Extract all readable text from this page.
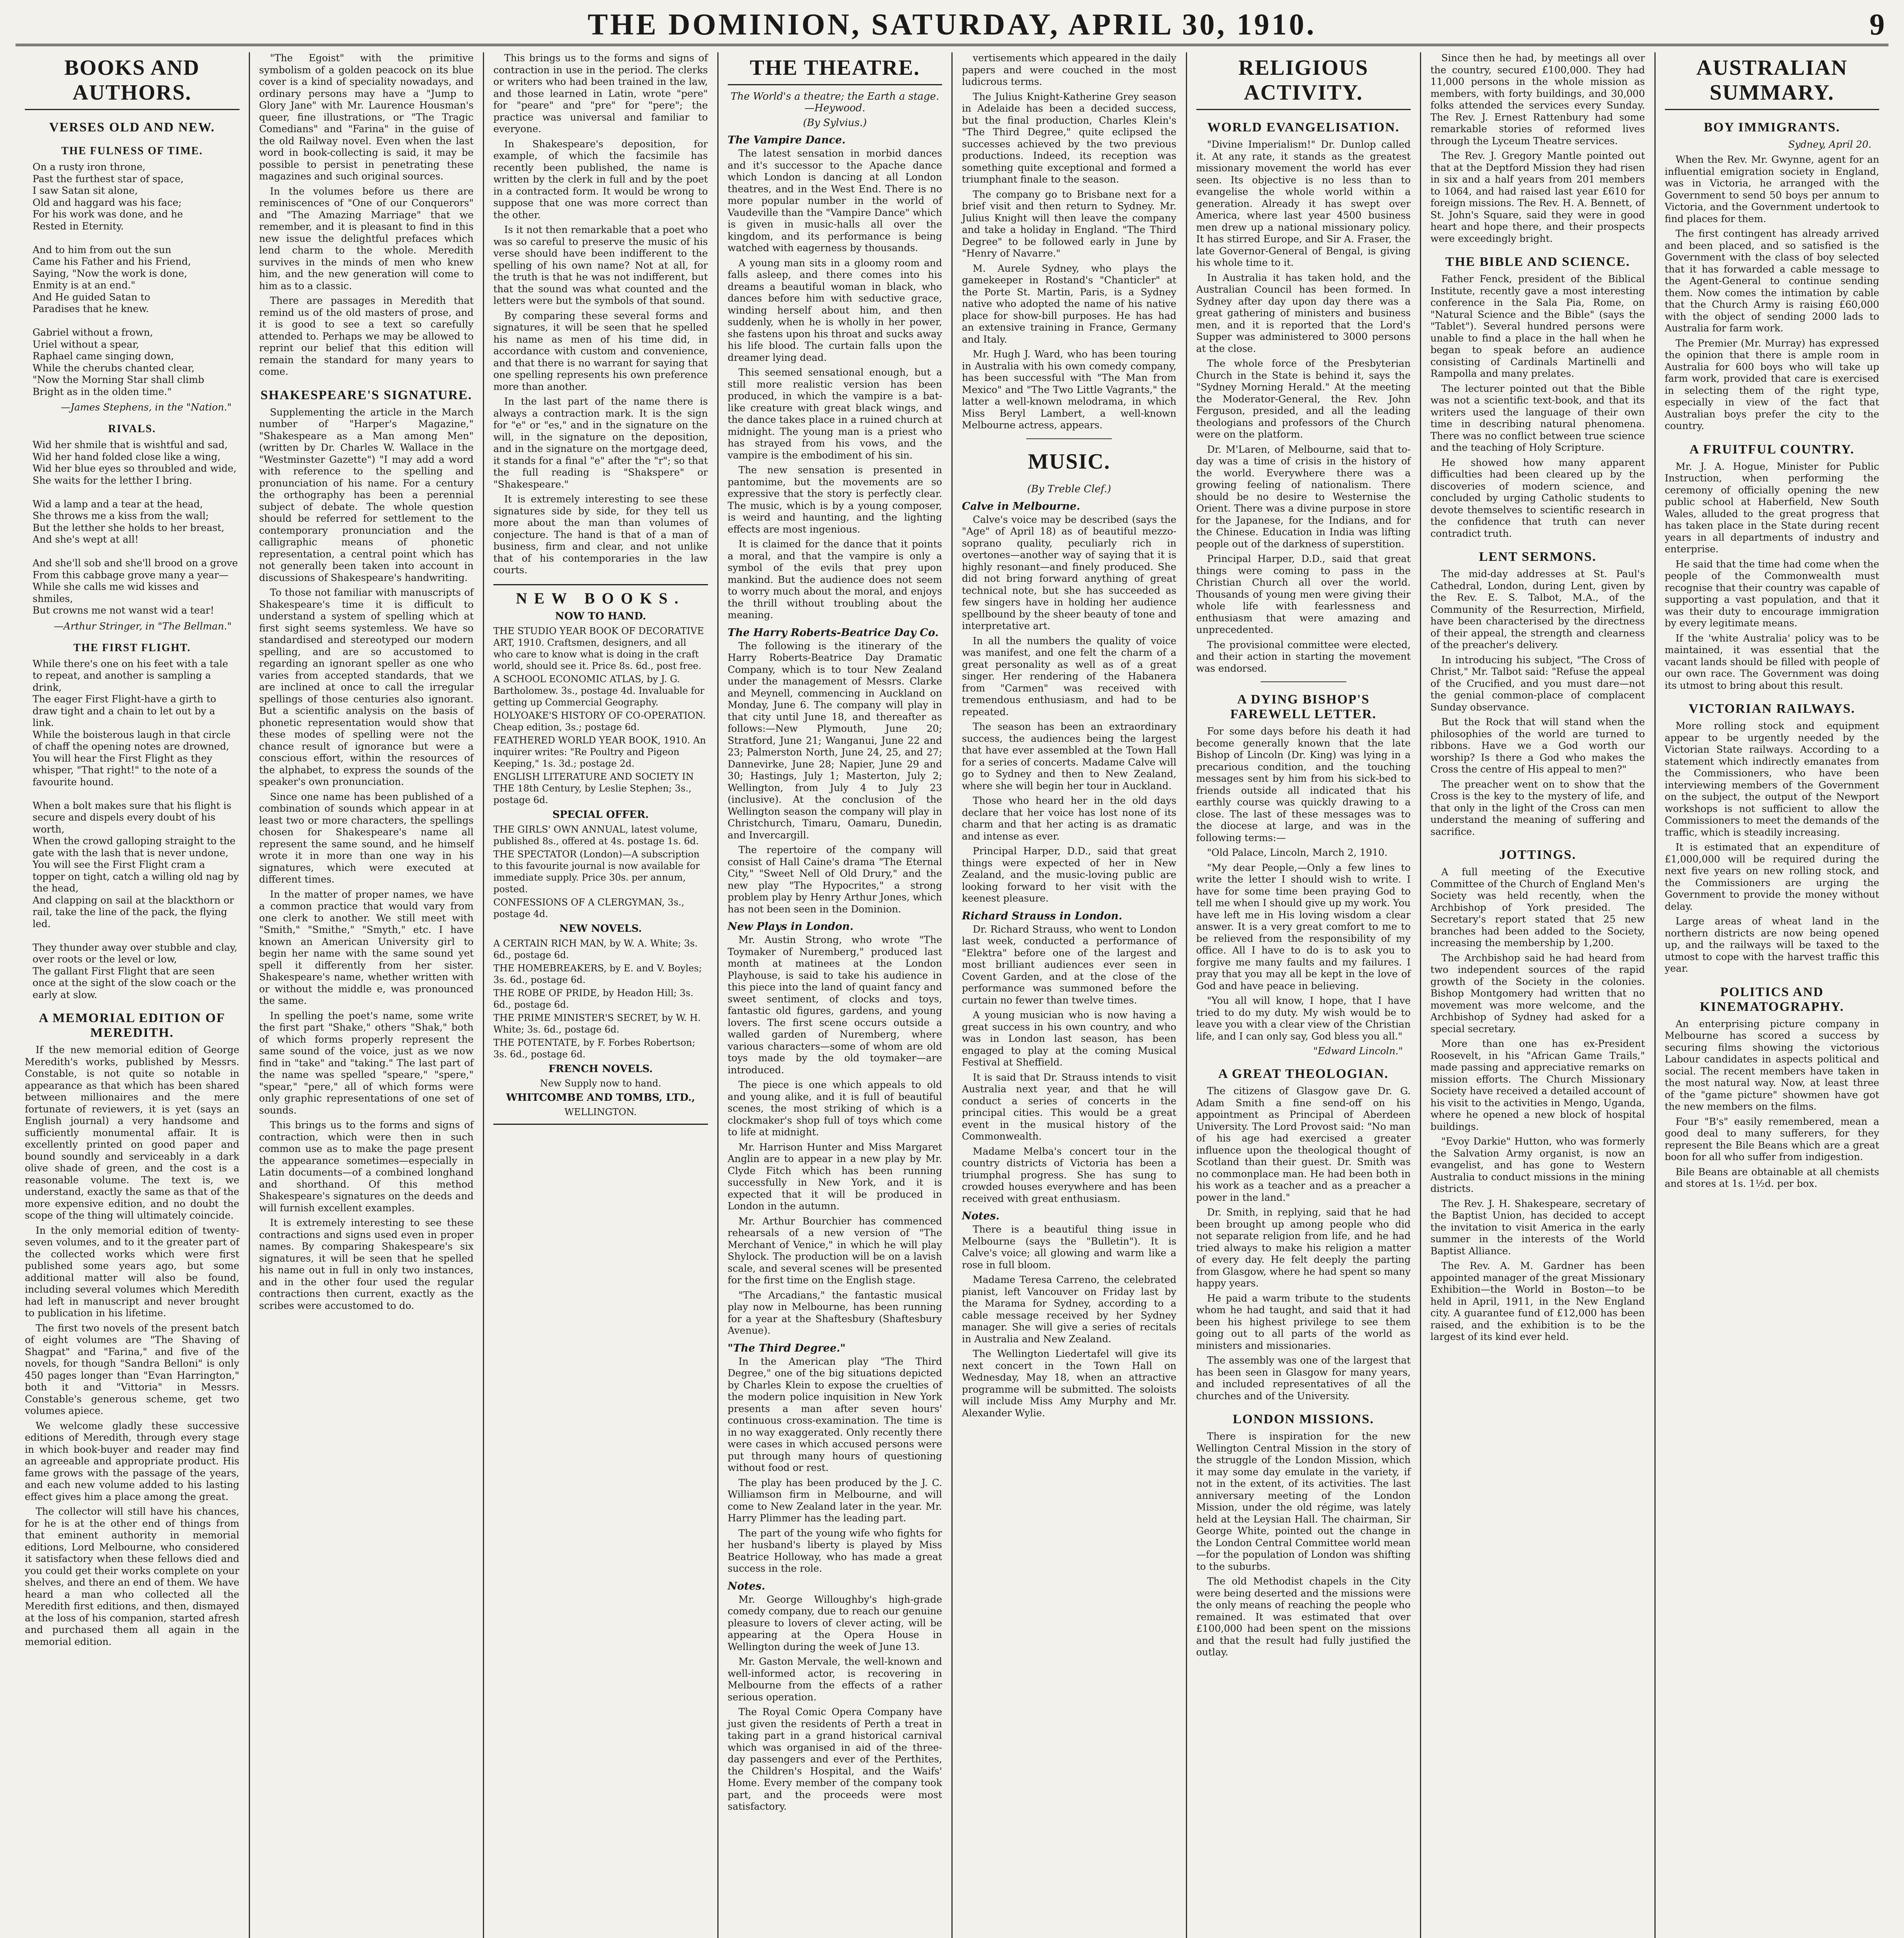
THE DOMINION, SATURDAY, APRIL 30, 1910.	9
BOOKS AND AUTHORS.
VERSES OLD AND NEW.
THE FULNESS OF TIME.
On a rusty iron throne,
Past the furthest star of space,
I saw Satan sit alone,
Old and haggard was his face;
For his work was done, and he
Rested in Eternity.

And to him from out the sun
Came his Father and his Friend,
Saying, "Now the work is done,
Enmity is at an end."
And He guided Satan to
Paradises that he knew.

Gabriel without a frown,
Uriel without a spear,
Raphael came singing down,
While the cherubs chanted clear,
"Now the Morning Star shall climb
Bright as in the olden time."
—James Stephens, in the "Nation."
RIVALS.
Wid her shmile that is wishtful and sad,
Wid her hand folded close like a wing,
Wid her blue eyes so throubled and wide,
She waits for the letther I bring.

Wid a lamp and a tear at the head,
She throws me a kiss from the wall;
But the letther she holds to her breast,
And she's wept at all!

And she'll sob and she'll brood on a grove
From this cabbage grove many a year—
While she calls me wid kisses and shmiles,
But crowns me not wanst wid a tear!
—Arthur Stringer, in "The Bellman."
THE FIRST FLIGHT.
While there's one on his feet with a tale to repeat, and another is sampling a drink,
The eager First Flight-have a girth to draw tight and a chain to let out by a link.
While the boisterous laugh in that circle of chaff the opening notes are drowned,
You will hear the First Flight as they whisper, "That right!" to the note of a favourite hound.

When a bolt makes sure that his flight is secure and dispels every doubt of his worth,
When the crowd galloping straight to the gate with the lash that is never undone,
You will see the First Flight cram a topper on tight, catch a willing old nag by the head,
And clapping on sail at the blackthorn or rail, take the line of the pack, the flying led.

They thunder away over stubble and clay, over roots or the level or low,
The gallant First Flight that are seen once at the sight of the slow coach or the early at slow.
A MEMORIAL EDITION OF MEREDITH.

If the new memorial edition of George Meredith's works, published by Messrs. Constable, is not quite so notable in appearance as that which has been shared between millionaires and the mere fortunate of reviewers, it is yet (says an English journal) a very handsome and sufficiently monumental affair. It is excellently printed on good paper and bound soundly and serviceably in a dark olive shade of green, and the cost is a reasonable volume. The text is, we understand, exactly the same as that of the more expensive edition, and no doubt the scope of the thing will ultimately coincide.

In the only memorial edition of twenty-seven volumes, and to it the greater part of the collected works which were first published some years ago, but some additional matter will also be found, including several volumes which Meredith had left in manuscript and never brought to publication in his lifetime.

The first two novels of the present batch of eight volumes are "The Shaving of Shagpat" and "Farina," and five of the novels, for though "Sandra Belloni" is only 450 pages longer than "Evan Harrington," both it and "Vittoria" in Messrs. Constable's generous scheme, get two volumes apiece.

We welcome gladly these successive editions of Meredith, through every stage in which book-buyer and reader may find an agreeable and appropriate product. His fame grows with the passage of the years, and each new volume added to his lasting effect gives him a place among the great.

The collector will still have his chances, for he is at the other end of things from that eminent authority in memorial editions, Lord Melbourne, who considered it satisfactory when these fellows died and you could get their works complete on your shelves, and there an end of them. We have heard a man who collected all the Meredith first editions, and then, dismayed at the loss of his companion, started afresh and purchased them all again in the memorial edition.

"The Egoist" with the primitive symbolism of a golden peacock on its blue cover is a kind of speciality nowadays, and ordinary persons may have a "Jump to Glory Jane" with Mr. Laurence Housman's queer, fine illustrations, or "The Tragic Comedians" and "Farina" in the guise of the old Railway novel. Even when the last word in book-collecting is said, it may be possible to persist in penetrating these magazines and such original sources.

In the volumes before us there are reminiscences of "One of our Conquerors" and "The Amazing Marriage" that we remember, and it is pleasant to find in this new issue the delightful prefaces which lend charm to the whole. Meredith survives in the minds of men who knew him, and the new generation will come to him as to a classic.

There are passages in Meredith that remind us of the old masters of prose, and it is good to see a text so carefully attended to. Perhaps we may be allowed to reprint our belief that this edition will remain the standard for many years to come.

SHAKESPEARE'S SIGNATURE.

Supplementing the article in the March number of "Harper's Magazine," "Shakespeare as a Man among Men" (written by Dr. Charles W. Wallace in the "Westminster Gazette") "I may add a word with reference to the spelling and pronunciation of his name. For a century the orthography has been a perennial subject of debate. The whole question should be referred for settlement to the contemporary pronunciation and the calligraphic means of phonetic representation, a central point which has not generally been taken into account in discussions of Shakespeare's handwriting.

To those not familiar with manuscripts of Shakespeare's time it is difficult to understand a system of spelling which at first sight seems systemless. We have so standardised and stereotyped our modern spelling, and are so accustomed to regarding an ignorant speller as one who varies from accepted standards, that we are inclined at once to call the irregular spellings of those centuries also ignorant. But a scientific analysis on the basis of phonetic representation would show that these modes of spelling were not the chance result of ignorance but were a conscious effort, within the resources of the alphabet, to express the sounds of the speaker's own pronunciation.

Since one name has been published of a combination of sounds which appear in at least two or more characters, the spellings chosen for Shakespeare's name all represent the same sound, and he himself wrote it in more than one way in his signatures, which were executed at different times.

In the matter of proper names, we have a common practice that would vary from one clerk to another. We still meet with "Smith," "Smithe," "Smyth," etc. I have known an American University girl to begin her name with the same sound yet spell it differently from her sister. Shakespeare's name, whether written with or without the middle e, was pronounced the same.

In spelling the poet's name, some write the first part "Shake," others "Shak," both of which forms properly represent the same sound of the voice, just as we now find in "take" and "taking." The last part of the name was spelled "speare," "spere," "spear," "pere," all of which forms were only graphic representations of one set of sounds.

This brings us to the forms and signs of contraction, which were then in such common use as to make the page present the appearance sometimes—especially in Latin documents—of a combined longhand and shorthand. Of this method Shakespeare's signatures on the deeds and will furnish excellent examples.

It is extremely interesting to see these contractions and signs used even in proper names. By comparing Shakespeare's six signatures, it will be seen that he spelled his name out in full in only two instances, and in the other four used the regular contractions then current, exactly as the scribes were accustomed to do.

This brings us to the forms and signs of contraction in use in the period. The clerks or writers who had been trained in the law, and those learned in Latin, wrote "pere" for "peare" and "pre" for "pere"; the practice was universal and familiar to everyone.

In Shakespeare's deposition, for example, of which the facsimile has recently been published, the name is written by the clerk in full and by the poet in a contracted form. It would be wrong to suppose that one was more correct than the other.

Is it not then remarkable that a poet who was so careful to preserve the music of his verse should have been indifferent to the spelling of his own name? Not at all, for the truth is that he was not indifferent, but that the sound was what counted and the letters were but the symbols of that sound.

By comparing these several forms and signatures, it will be seen that he spelled his name as men of his time did, in accordance with custom and convenience, and that there is no warrant for saying that one spelling represents his own preference more than another.

In the last part of the name there is always a contraction mark. It is the sign for "e" or "es," and in the signature on the will, in the signature on the deposition, and in the signature on the mortgage deed, it stands for a final "e" after the "r"; so that the full reading is "Shakspere" or "Shakespeare."

It is extremely interesting to see these signatures side by side, for they tell us more about the man than volumes of conjecture. The hand is that of a man of business, firm and clear, and not unlike that of his contemporaries in the law courts.

NEW BOOKS.
NOW TO HAND.
THE STUDIO YEAR BOOK OF DECORATIVE ART, 1910. Craftsmen, designers, and all who care to know what is doing in the craft world, should see it. Price 8s. 6d., post free.
A SCHOOL ECONOMIC ATLAS, by J. G. Bartholomew. 3s., postage 4d. Invaluable for getting up Commercial Geography.
HOLYOAKE'S HISTORY OF CO-OPERATION. Cheap edition, 3s.; postage 6d.
FEATHERED WORLD YEAR BOOK, 1910. An inquirer writes: "Re Poultry and Pigeon Keeping," 1s. 3d.; postage 2d.
ENGLISH LITERATURE AND SOCIETY IN THE 18th Century, by Leslie Stephen; 3s., postage 6d.
SPECIAL OFFER.
THE GIRLS' OWN ANNUAL, latest volume, published 8s., offered at 4s. postage 1s. 6d.
THE SPECTATOR (London)—A subscription to this favourite journal is now available for immediate supply. Price 30s. per annum, posted.
CONFESSIONS OF A CLERGYMAN, 3s., postage 4d.
NEW NOVELS.
A CERTAIN RICH MAN, by W. A. White; 3s. 6d., postage 6d.
THE HOMEBREAKERS, by E. and V. Boyles; 3s. 6d., postage 6d.
THE ROBE OF PRIDE, by Headon Hill; 3s. 6d., postage 6d.
THE PRIME MINISTER'S SECRET, by W. H. White; 3s. 6d., postage 6d.
THE POTENTATE, by F. Forbes Robertson; 3s. 6d., postage 6d.
FRENCH NOVELS.
New Supply now to hand.
WHITCOMBE AND TOMBS, LTD.,
WELLINGTON.
THE THEATRE.
The World's a theatre; the Earth a stage.—Heywood.
(By Sylvius.)
The Vampire Dance.

The latest sensation in morbid dances and it's successor to the Apache dance which London is dancing at all London theatres, and in the West End. There is no more popular number in the world of Vaudeville than the "Vampire Dance" which is given in music-halls all over the kingdom, and its performance is being watched with eagerness by thousands.

A young man sits in a gloomy room and falls asleep, and there comes into his dreams a beautiful woman in black, who dances before him with seductive grace, winding herself about him, and then suddenly, when he is wholly in her power, she fastens upon his throat and sucks away his life blood. The curtain falls upon the dreamer lying dead.

This seemed sensational enough, but a still more realistic version has been produced, in which the vampire is a bat-like creature with great black wings, and the dance takes place in a ruined church at midnight. The young man is a priest who has strayed from his vows, and the vampire is the embodiment of his sin.

The new sensation is presented in pantomime, but the movements are so expressive that the story is perfectly clear. The music, which is by a young composer, is weird and haunting, and the lighting effects are most ingenious.

It is claimed for the dance that it points a moral, and that the vampire is only a symbol of the evils that prey upon mankind. But the audience does not seem to worry much about the moral, and enjoys the thrill without troubling about the meaning.

The Harry Roberts-Beatrice Day Co.

The following is the itinerary of the Harry Roberts-Beatrice Day Dramatic Company, which is to tour New Zealand under the management of Messrs. Clarke and Meynell, commencing in Auckland on Monday, June 6. The company will play in that city until June 18, and thereafter as follows:—New Plymouth, June 20; Stratford, June 21; Wanganui, June 22 and 23; Palmerston North, June 24, 25, and 27; Dannevirke, June 28; Napier, June 29 and 30; Hastings, July 1; Masterton, July 2; Wellington, from July 4 to July 23 (inclusive). At the conclusion of the Wellington season the company will play in Christchurch, Timaru, Oamaru, Dunedin, and Invercargill.

The repertoire of the company will consist of Hall Caine's drama "The Eternal City," "Sweet Nell of Old Drury," and the new play "The Hypocrites," a strong problem play by Henry Arthur Jones, which has not been seen in the Dominion.

New Plays in London.

Mr. Austin Strong, who wrote "The Toymaker of Nuremberg," produced last month at matinees at the London Playhouse, is said to take his audience in this piece into the land of quaint fancy and sweet sentiment, of clocks and toys, fantastic old figures, gardens, and young lovers. The first scene occurs outside a walled garden of Nuremberg, where various characters—some of whom are old toys made by the old toymaker—are introduced.

The piece is one which appeals to old and young alike, and it is full of beautiful scenes, the most striking of which is a clockmaker's shop full of toys which come to life at midnight.

Mr. Harrison Hunter and Miss Margaret Anglin are to appear in a new play by Mr. Clyde Fitch which has been running successfully in New York, and it is expected that it will be produced in London in the autumn.

Mr. Arthur Bourchier has commenced rehearsals of a new version of "The Merchant of Venice," in which he will play Shylock. The production will be on a lavish scale, and several scenes will be presented for the first time on the English stage.

"The Arcadians," the fantastic musical play now in Melbourne, has been running for a year at the Shaftesbury (Shaftesbury Avenue).

"The Third Degree."

In the American play "The Third Degree," one of the big situations depicted by Charles Klein to expose the cruelties of the modern police inquisition in New York presents a man after seven hours' continuous cross-examination. The time is in no way exaggerated. Only recently there were cases in which accused persons were put through many hours of questioning without food or rest.

The play has been produced by the J. C. Williamson firm in Melbourne, and will come to New Zealand later in the year. Mr. Harry Plimmer has the leading part.

The part of the young wife who fights for her husband's liberty is played by Miss Beatrice Holloway, who has made a great success in the role.

Notes.

Mr. George Willoughby's high-grade comedy company, due to reach our genuine pleasure to lovers of clever acting, will be appearing at the Opera House in Wellington during the week of June 13.

Mr. Gaston Mervale, the well-known and well-informed actor, is recovering in Melbourne from the effects of a rather serious operation.

The Royal Comic Opera Company have just given the residents of Perth a treat in taking part in a grand historical carnival which was organised in aid of the three-day passengers and ever of the Perthites, the Children's Hospital, and the Waifs' Home. Every member of the company took part, and the proceeds were most satisfactory.

vertisements which appeared in the daily papers and were couched in the most ludicrous terms.

The Julius Knight-Katherine Grey season in Adelaide has been a decided success, but the final production, Charles Klein's "The Third Degree," quite eclipsed the successes achieved by the two previous productions. Indeed, its reception was something quite exceptional and formed a triumphant finale to the season.

The company go to Brisbane next for a brief visit and then return to Sydney. Mr. Julius Knight will then leave the company and take a holiday in England. "The Third Degree" to be followed early in June by "Henry of Navarre."

M. Aurele Sydney, who plays the gamekeeper in Rostand's "Chanticler" at the Porte St. Martin, Paris, is a Sydney native who adopted the name of his native place for show-bill purposes. He has had an extensive training in France, Germany and Italy.

Mr. Hugh J. Ward, who has been touring in Australia with his own comedy company, has been successful with "The Man from Mexico" and "The Two Little Vagrants," the latter a well-known melodrama, in which Miss Beryl Lambert, a well-known Melbourne actress, appears.

MUSIC.
(By Treble Clef.)
Calve in Melbourne.

Calve's voice may be described (says the "Age" of April 18) as of beautiful mezzo-soprano quality, peculiarly rich in overtones—another way of saying that it is highly resonant—and finely produced. She did not bring forward anything of great technical note, but she has succeeded as few singers have in holding her audience spellbound by the sheer beauty of tone and interpretative art.

In all the numbers the quality of voice was manifest, and one felt the charm of a great personality as well as of a great singer. Her rendering of the Habanera from "Carmen" was received with tremendous enthusiasm, and had to be repeated.

The season has been an extraordinary success, the audiences being the largest that have ever assembled at the Town Hall for a series of concerts. Madame Calve will go to Sydney and then to New Zealand, where she will begin her tour in Auckland.

Those who heard her in the old days declare that her voice has lost none of its charm and that her acting is as dramatic and intense as ever.

Principal Harper, D.D., said that great things were expected of her in New Zealand, and the music-loving public are looking forward to her visit with the keenest pleasure.

Richard Strauss in London.

Dr. Richard Strauss, who went to London last week, conducted a performance of "Elektra" before one of the largest and most brilliant audiences ever seen in Covent Garden, and at the close of the performance was summoned before the curtain no fewer than twelve times.

A young musician who is now having a great success in his own country, and who was in London last season, has been engaged to play at the coming Musical Festival at Sheffield.

It is said that Dr. Strauss intends to visit Australia next year, and that he will conduct a series of concerts in the principal cities. This would be a great event in the musical history of the Commonwealth.

Madame Melba's concert tour in the country districts of Victoria has been a triumphal progress. She has sung to crowded houses everywhere and has been received with great enthusiasm.

Notes.

There is a beautiful thing issue in Melbourne (says the "Bulletin"). It is Calve's voice; all glowing and warm like a rose in full bloom.

Madame Teresa Carreno, the celebrated pianist, left Vancouver on Friday last by the Marama for Sydney, according to a cable message received by her Sydney manager. She will give a series of recitals in Australia and New Zealand.

The Wellington Liedertafel will give its next concert in the Town Hall on Wednesday, May 18, when an attractive programme will be submitted. The soloists will include Miss Amy Murphy and Mr. Alexander Wylie.

RELIGIOUS ACTIVITY.
WORLD EVANGELISATION.

"Divine Imperialism!" Dr. Dunlop called it. At any rate, it stands as the greatest missionary movement the world has ever seen. Its objective is no less than to evangelise the whole world within a generation. Already it has swept over America, where last year 4500 business men drew up a national missionary policy. It has stirred Europe, and Sir A. Fraser, the late Governor-General of Bengal, is giving his whole time to it.

In Australia it has taken hold, and the Australian Council has been formed. In Sydney after day upon day there was a great gathering of ministers and business men, and it is reported that the Lord's Supper was administered to 3000 persons at the close.

The whole force of the Presbyterian Church in the State is behind it, says the "Sydney Morning Herald." At the meeting the Moderator-General, the Rev. John Ferguson, presided, and all the leading theologians and professors of the Church were on the platform.

Dr. M'Laren, of Melbourne, said that to-day was a time of crisis in the history of the world. Everywhere there was a growing feeling of nationalism. There should be no desire to Westernise the Orient. There was a divine purpose in store for the Japanese, for the Indians, and for the Chinese. Education in India was lifting people out of the darkness of superstition.

Principal Harper, D.D., said that great things were coming to pass in the Christian Church all over the world. Thousands of young men were giving their whole life with fearlessness and enthusiasm that were amazing and unprecedented.

The provisional committee were elected, and their action in starting the movement was endorsed.

A DYING BISHOP'S FAREWELL LETTER.

For some days before his death it had become generally known that the late Bishop of Lincoln (Dr. King) was lying in a precarious condition, and the touching messages sent by him from his sick-bed to friends outside all indicated that his earthly course was quickly drawing to a close. The last of these messages was to the diocese at large, and was in the following terms:—

"Old Palace, Lincoln, March 2, 1910.

"My dear People,—Only a few lines to write the letter I should wish to write. I have for some time been praying God to tell me when I should give up my work. You have left me in His loving wisdom a clear answer. It is a very great comfort to me to be relieved from the responsibility of my office. All I have to do is to ask you to forgive me many faults and my failures. I pray that you may all be kept in the love of God and have peace in believing.

"You all will know, I hope, that I have tried to do my duty. My wish would be to leave you with a clear view of the Christian life, and I can only say, God bless you all."

"Edward Lincoln."
A GREAT THEOLOGIAN.

The citizens of Glasgow gave Dr. G. Adam Smith a fine send-off on his appointment as Principal of Aberdeen University. The Lord Provost said: "No man of his age had exercised a greater influence upon the theological thought of Scotland than their guest. Dr. Smith was no commonplace man. He had been both in his work as a teacher and as a preacher a power in the land."

Dr. Smith, in replying, said that he had been brought up among people who did not separate religion from life, and he had tried always to make his religion a matter of every day. He felt deeply the parting from Glasgow, where he had spent so many happy years.

He paid a warm tribute to the students whom he had taught, and said that it had been his highest privilege to see them going out to all parts of the world as ministers and missionaries.

The assembly was one of the largest that has been seen in Glasgow for many years, and included representatives of all the churches and of the University.

LONDON MISSIONS.

There is inspiration for the new Wellington Central Mission in the story of the struggle of the London Mission, which it may some day emulate in the variety, if not in the extent, of its activities. The last anniversary meeting of the London Mission, under the old régime, was lately held at the Leysian Hall. The chairman, Sir George White, pointed out the change in the London Central Committee world mean—for the population of London was shifting to the suburbs.

The old Methodist chapels in the City were being deserted and the missions were the only means of reaching the people who remained. It was estimated that over £100,000 had been spent on the missions and that the result had fully justified the outlay.

Since then he had, by meetings all over the country, secured £100,000. They had 11,000 persons in the whole mission as members, with forty buildings, and 30,000 folks attended the services every Sunday. The Rev. J. Ernest Rattenbury had some remarkable stories of reformed lives through the Lyceum Theatre services.

The Rev. J. Gregory Mantle pointed out that at the Deptford Mission they had risen in six and a half years from 201 members to 1064, and had raised last year £610 for foreign missions. The Rev. H. A. Bennett, of St. John's Square, said they were in good heart and hope there, and their prospects were exceedingly bright.

THE BIBLE AND SCIENCE.

Father Fenck, president of the Biblical Institute, recently gave a most interesting conference in the Sala Pia, Rome, on "Natural Science and the Bible" (says the "Tablet"). Several hundred persons were unable to find a place in the hall when he began to speak before an audience consisting of Cardinals Martinelli and Rampolla and many prelates.

The lecturer pointed out that the Bible was not a scientific text-book, and that its writers used the language of their own time in describing natural phenomena. There was no conflict between true science and the teaching of Holy Scripture.

He showed how many apparent difficulties had been cleared up by the discoveries of modern science, and concluded by urging Catholic students to devote themselves to scientific research in the confidence that truth can never contradict truth.

LENT SERMONS.

The mid-day addresses at St. Paul's Cathedral, London, during Lent, given by the Rev. E. S. Talbot, M.A., of the Community of the Resurrection, Mirfield, have been characterised by the directness of their appeal, the strength and clearness of the preacher's delivery.

In introducing his subject, "The Cross of Christ," Mr. Talbot said: "Refuse the appeal of the Crucified, and you must dare—not the genial common-place of complacent Sunday observance.

But the Rock that will stand when the philosophies of the world are turned to ribbons. Have we a God worth our worship? Is there a God who makes the Cross the centre of His appeal to men?"

The preacher went on to show that the Cross is the key to the mystery of life, and that only in the light of the Cross can men understand the meaning of suffering and sacrifice.

JOTTINGS.

A full meeting of the Executive Committee of the Church of England Men's Society was held recently, when the Archbishop of York presided. The Secretary's report stated that 25 new branches had been added to the Society, increasing the membership by 1,200.

The Archbishop said he had heard from two independent sources of the rapid growth of the Society in the colonies. Bishop Montgomery had written that no movement was more welcome, and the Archbishop of Sydney had asked for a special secretary.

More than one has ex-President Roosevelt, in his "African Game Trails," made passing and appreciative remarks on mission efforts. The Church Missionary Society have received a detailed account of his visit to the activities in Mengo, Uganda, where he opened a new block of hospital buildings.

"Evoy Darkie" Hutton, who was formerly the Salvation Army organist, is now an evangelist, and has gone to Western Australia to conduct missions in the mining districts.

The Rev. J. H. Shakespeare, secretary of the Baptist Union, has decided to accept the invitation to visit America in the early summer in the interests of the World Baptist Alliance.

The Rev. A. M. Gardner has been appointed manager of the great Missionary Exhibition—the World in Boston—to be held in April, 1911, in the New England city. A guarantee fund of £12,000 has been raised, and the exhibition is to be the largest of its kind ever held.

AUSTRALIAN SUMMARY.
BOY IMMIGRANTS.
Sydney, April 20.

When the Rev. Mr. Gwynne, agent for an influential emigration society in England, was in Victoria, he arranged with the Government to send 50 boys per annum to Victoria, and the Government undertook to find places for them.

The first contingent has already arrived and been placed, and so satisfied is the Government with the class of boy selected that it has forwarded a cable message to the Agent-General to continue sending them. Now comes the intimation by cable that the Church Army is raising £60,000 with the object of sending 2000 lads to Australia for farm work.

The Premier (Mr. Murray) has expressed the opinion that there is ample room in Australia for 600 boys who will take up farm work, provided that care is exercised in selecting them of the right type, especially in view of the fact that Australian boys prefer the city to the country.

A FRUITFUL COUNTRY.

Mr. J. A. Hogue, Minister for Public Instruction, when performing the ceremony of officially opening the new public school at Haberfield, New South Wales, alluded to the great progress that has taken place in the State during recent years in all departments of industry and enterprise.

He said that the time had come when the people of the Commonwealth must recognise that their country was capable of supporting a vast population, and that it was their duty to encourage immigration by every legitimate means.

If the 'white Australia' policy was to be maintained, it was essential that the vacant lands should be filled with people of our own race. The Government was doing its utmost to bring about this result.

VICTORIAN RAILWAYS.

More rolling stock and equipment appear to be urgently needed by the Victorian State railways. According to a statement which indirectly emanates from the Commissioners, who have been interviewing members of the Government on the subject, the output of the Newport workshops is not sufficient to allow the Commissioners to meet the demands of the traffic, which is steadily increasing.

It is estimated that an expenditure of £1,000,000 will be required during the next five years on new rolling stock, and the Commissioners are urging the Government to provide the money without delay.

Large areas of wheat land in the northern districts are now being opened up, and the railways will be taxed to the utmost to cope with the harvest traffic this year.

POLITICS AND KINEMATOGRAPHY.

An enterprising picture company in Melbourne has scored a success by securing films showing the victorious Labour candidates in aspects political and social. The recent members have taken in the most natural way. Now, at least three of the "game picture" showmen have got the new members on the films.

Four "B's" easily remembered, mean a good deal to many sufferers, for they represent the Bile Beans which are a great boon for all who suffer from indigestion.

Bile Beans are obtainable at all chemists and stores at 1s. 1½d. per box.
